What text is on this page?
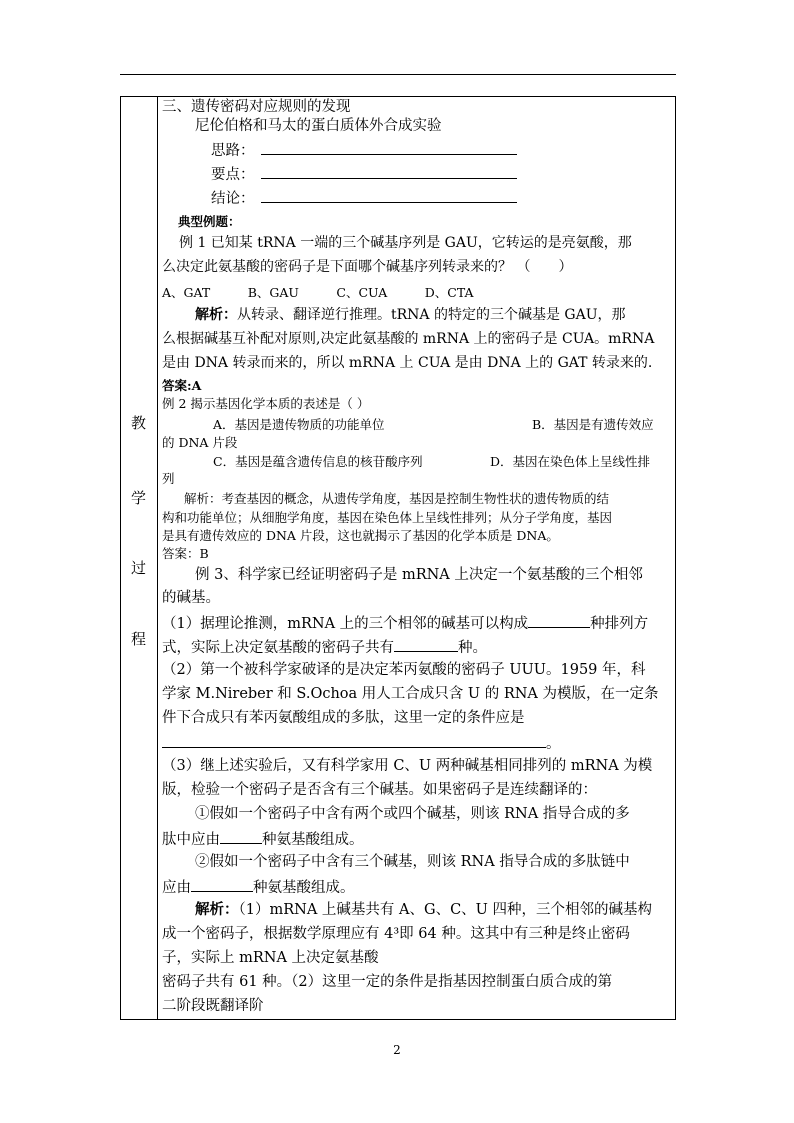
教
学
过
程
三、遗传密码对应规则的发现
尼伦伯格和马太的蛋白质体外合成实验
思路：
要点：
结论：
典型例题：
例 1 已知某 tRNA 一端的三个碱基序列是 GAU，它转运的是亮氨酸，那
么决定此氨基酸的密码子是下面哪个碱基序列转录来的？ （　　）
A、GAT　　　B、GAU　　　C、CUA　　　D、CTA
解析：从转录、翻译逆行推理。tRNA 的特定的三个碱基是 GAU，那
么根据碱基互补配对原则,决定此氨基酸的 mRNA 上的密码子是 CUA。mRNA
是由 DNA 转录而来的，所以 mRNA 上 CUA 是由 DNA 上的 GAT 转录来的.
答案:A
例 2 揭示基因化学本质的表述是（ ）
A．基因是遗传物质的功能单位	B．基因是有遗传效应
的 DNA 片段
C．基因是蕴含遗传信息的核苷酸序列	D．基因在染色体上呈线性排
列
解析：考查基因的概念，从遗传学角度，基因是控制生物性状的遗传物质的结
构和功能单位；从细胞学角度，基因在染色体上呈线性排列；从分子学角度，基因
是具有遗传效应的 DNA 片段，这也就揭示了基因的化学本质是 DNA。
答案：B
例 3、科学家已经证明密码子是 mRNA 上决定一个氨基酸的三个相邻
的碱基。
（1）据理论推测，mRNA 上的三个相邻的碱基可以构成	种排列方
式，实际上决定氨基酸的密码子共有	种。
（2）第一个被科学家破译的是决定苯丙氨酸的密码子 UUU。1959 年，科
学家 M.Nireber 和 S.Ochoa 用人工合成只含 U 的 RNA 为模版，在一定条
件下合成只有苯丙氨酸组成的多肽，这里一定的条件应是
。
（3）继上述实验后，又有科学家用 C、U 两种碱基相同排列的 mRNA 为模
版，检验一个密码子是否含有三个碱基。如果密码子是连续翻译的：
①假如一个密码子中含有两个或四个碱基，则该 RNA 指导合成的多
肽中应由	种氨基酸组成。
②假如一个密码子中含有三个碱基，则该 RNA 指导合成的多肽链中
应由	种氨基酸组成。
解析：（1）mRNA 上碱基共有 A、G、C、U 四种，三个相邻的碱基构
成一个密码子，根据数学原理应有 4³即 64 种。这其中有三种是终止密码
子，实际上 mRNA 上决定氨基酸
密码子共有 61 种。（2）这里一定的条件是指基因控制蛋白质合成的第
二阶段既翻译阶
2
